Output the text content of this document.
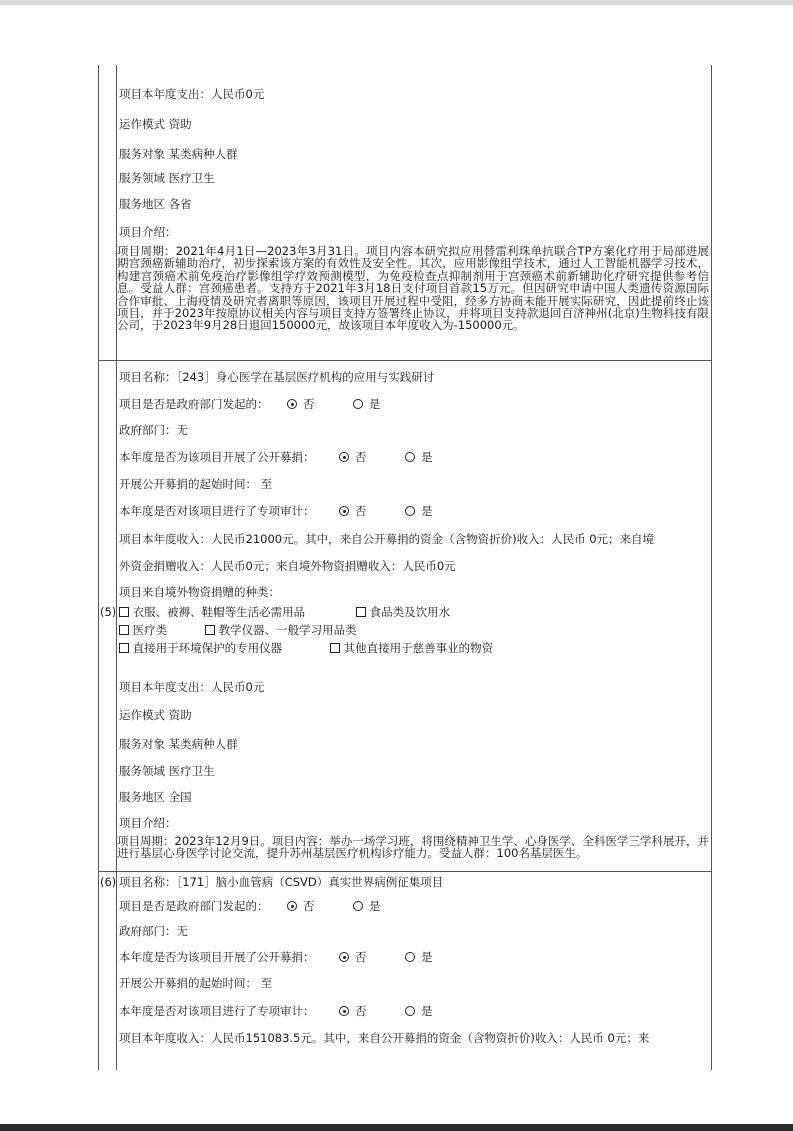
项目本年度支出：人民币0元
运作模式 资助
服务对象 某类病种人群
服务领域 医疗卫生
服务地区 各省
项目介绍：
项目周期：2021年4月1日—2023年3月31日。项目内容本研究拟应用替雷利珠单抗联合TP方案化疗用于局部进展期宫颈癌新辅助治疗，初步探索该方案的有效性及安全性。其次，应用影像组学技术，通过人工智能机器学习技术，构建宫颈癌术前免疫治疗影像组学疗效预测模型，为免疫检查点抑制剂用于宫颈癌术前新辅助化疗研究提供参考信息。受益人群：宫颈癌患者。支持方于2021年3月18日支付项目首款15万元。但因研究申请中国人类遗传资源国际合作审批、上海疫情及研究者离职等原因，该项目开展过程中受阻，经多方协商未能开展实际研究，因此提前终止该项目，并于2023年按原协议相关内容与项目支持方签署终止协议，并将项目支持款退回百济神州(北京)生物科技有限公司，于2023年9月28日退回150000元，故该项目本年度收入为-150000元。
(5)
项目名称：［243］身心医学在基层医疗机构的应用与实践研讨
项目是否是政府部门发起的：	否	是
政府部门：无
本年度是否为该项目开展了公开募捐：	否	是
开展公开募捐的起始时间： 至
本年度是否对该项目进行了专项审计：	否	是
项目本年度收入：人民币21000元。其中，来自公开募捐的资金（含物资折价)收入：人民币 0元；来自境
外资金捐赠收入：人民币0元；来自境外物资捐赠收入：人民币0元
项目来自境外物资捐赠的种类：
衣服、被褥、鞋帽等生活必需用品	食品类及饮用水
医疗类	教学仪器、一般学习用品类
直接用于环境保护的专用仪器	其他直接用于慈善事业的物资
项目本年度支出：人民币0元
运作模式 资助
服务对象 某类病种人群
服务领域 医疗卫生
服务地区 全国
项目介绍：
项目周期：2023年12月9日。项目内容：举办一场学习班，将围绕精神卫生学、心身医学、全科医学三学科展开，并进行基层心身医学讨论交流，提升苏州基层医疗机构诊疗能力。受益人群：100名基层医生。
(6) 项目名称：［171］脑小血管病（CSVD）真实世界病例征集项目
项目是否是政府部门发起的：	否	是
政府部门：无
本年度是否为该项目开展了公开募捐：	否	是
开展公开募捐的起始时间： 至
本年度是否对该项目进行了专项审计：	否	是
项目本年度收入：人民币151083.5元。其中，来自公开募捐的资金（含物资折价)收入：人民币 0元；来
